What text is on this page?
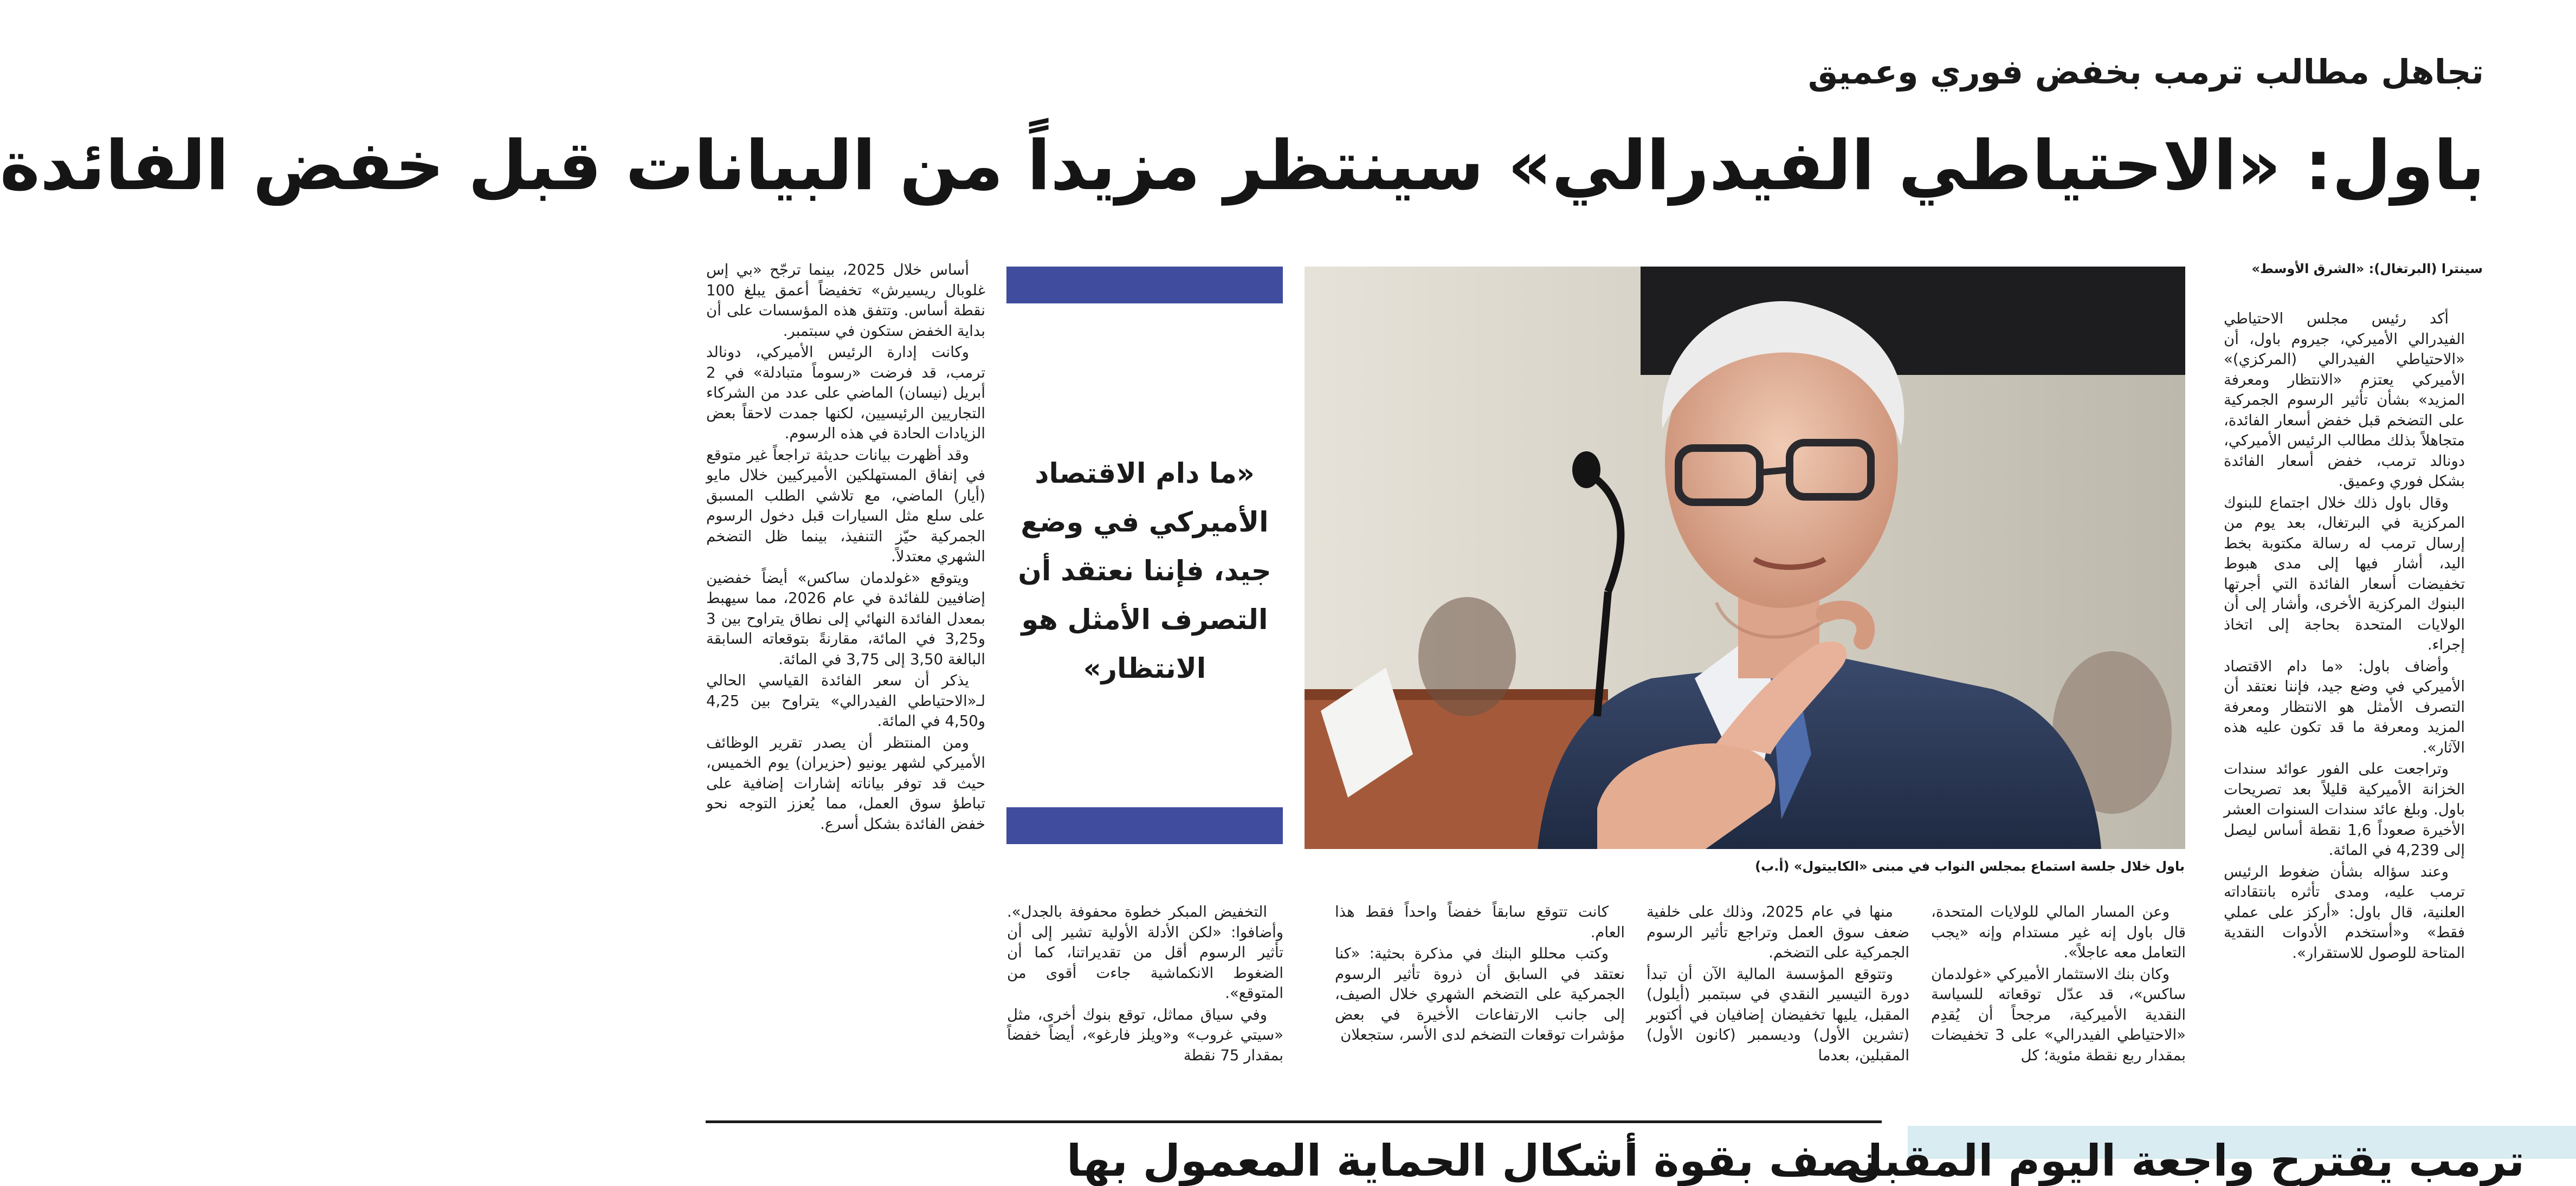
تجاهل مطالب ترمب بخفض فوري وعميق
باول: «الاحتياطي الفيدرالي» سينتظر مزيداً من البيانات قبل خفض الفائدة
سينترا (البرتغال): «الشرق الأوسط»

أكد رئيس مجلس الاحتياطي الفيدرالي الأميركي، جيروم باول، أن «الاحتياطي الفيدرالي (المركزي)» الأميركي يعتزم «الانتظار ومعرفة المزيد» بشأن تأثير الرسوم الجمركية على التضخم قبل خفض أسعار الفائدة، متجاهلاً بذلك مطالب الرئيس الأميركي، دونالد ترمب، خفض أسعار الفائدة بشكل فوري وعميق.

وقال باول ذلك خلال اجتماع للبنوك المركزية في البرتغال، بعد يوم من إرسال ترمب له رسالة مكتوبة بخط اليد، أشار فيها إلى مدى هبوط تخفيضات أسعار الفائدة التي أجرتها البنوك المركزية الأخرى، وأشار إلى أن الولايات المتحدة بحاجة إلى اتخاذ إجراء.

وأضاف باول: «ما دام الاقتصاد الأميركي في وضع جيد، فإننا نعتقد أن التصرف الأمثل هو الانتظار ومعرفة المزيد ومعرفة ما قد تكون عليه هذه الآثار».

وتراجعت على الفور عوائد سندات الخزانة الأميركية قليلاً بعد تصريحات باول. وبلغ عائد سندات السنوات العشر الأخيرة صعوداً 1,6 نقطة أساس ليصل إلى 4,239 في المائة.

وعند سؤاله بشأن ضغوط الرئيس ترمب عليه، ومدى تأثره بانتقاداته العلنية، قال باول: «أركز على عملي فقط» و«أستخدم الأدوات النقدية المتاحة للوصول للاستقرار».

باول خلال جلسة استماع بمجلس النواب في مبنى «الكابيتول» (أ.ب)
«ما دام الاقتصاد الأميركي في وضع جيد، فإننا نعتقد أن التصرف الأمثل هو الانتظار»

وعن المسار المالي للولايات المتحدة، قال باول إنه غير مستدام وإنه «يجب التعامل معه عاجلاً».

وكان بنك الاستثمار الأميركي «غولدمان ساكس»، قد عدّل توقعاته للسياسة النقدية الأميركية، مرجحاً أن يُقدِم «الاحتياطي الفيدرالي» على 3 تخفيضات بمقدار ربع نقطة مئوية؛ كل

منها في عام 2025، وذلك على خلفية ضعف سوق العمل وتراجع تأثير الرسوم الجمركية على التضخم.

وتتوقع المؤسسة المالية الآن أن تبدأ دورة التيسير النقدي في سبتمبر (أيلول) المقبل، يليها تخفيضان إضافيان في أكتوبر (تشرين الأول) وديسمبر (كانون الأول) المقبلين، بعدما

كانت تتوقع سابقاً خفضاً واحداً فقط هذا العام.

وكتب محللو البنك في مذكرة بحثية: «كنا نعتقد في السابق أن ذروة تأثير الرسوم الجمركية على التضخم الشهري خلال الصيف، إلى جانب الارتفاعات الأخيرة في بعض مؤشرات توقعات التضخم لدى الأسر، ستجعلان

التخفيض المبكر خطوة محفوفة بالجدل». وأضافوا: «لكن الأدلة الأولية تشير إلى أن تأثير الرسوم أقل من تقديراتنا، كما أن الضغوط الانكماشية جاءت أقوى من المتوقع».

وفي سياق مماثل، توقع بنوك أخرى، مثل «سيتي غروب» و«ويلز فارغو»، أيضاً خفضاً بمقدار 75 نقطة

أساس خلال 2025، بينما ترجّح «بي إس غلوبال ريسيرش» تخفيضاً أعمق يبلغ 100 نقطة أساس. وتتفق هذه المؤسسات على أن بداية الخفض ستكون في سبتمبر.

وكانت إدارة الرئيس الأميركي، دونالد ترمب، قد فرضت «رسوماً متبادلة» في 2 أبريل (نيسان) الماضي على عدد من الشركاء التجاريين الرئيسيين، لكنها جمدت لاحقاً بعض الزيادات الحادة في هذه الرسوم.

وقد أظهرت بيانات حديثة تراجعاً غير متوقع في إنفاق المستهلكين الأميركيين خلال مايو (أيار) الماضي، مع تلاشي الطلب المسبق على سلع مثل السيارات قبل دخول الرسوم الجمركية حيّز التنفيذ، بينما ظل التضخم الشهري معتدلاً.

ويتوقع «غولدمان ساكس» أيضاً خفضين إضافيين للفائدة في عام 2026، مما سيهبط بمعدل الفائدة النهائي إلى نطاق يتراوح بين 3 و3,25 في المائة، مقارنةً بتوقعاته السابقة البالغة 3,50 إلى 3,75 في المائة.

يذكر أن سعر الفائدة القياسي الحالي لـ«الاحتياطي الفيدرالي» يتراوح بين 4,25 و4,50 في المائة.

ومن المنتظر أن يصدر تقرير الوظائف الأميركي لشهر يونيو (حزيران) يوم الخميس، حيث قد توفر بياناته إشارات إضافية على تباطؤ سوق العمل، مما يُعزز التوجه نحو خفض الفائدة بشكل أسرع.

ترمب يقترح واجعة اليوم المقبل
تصف بقوة أشكال الحماية المعمول بها
